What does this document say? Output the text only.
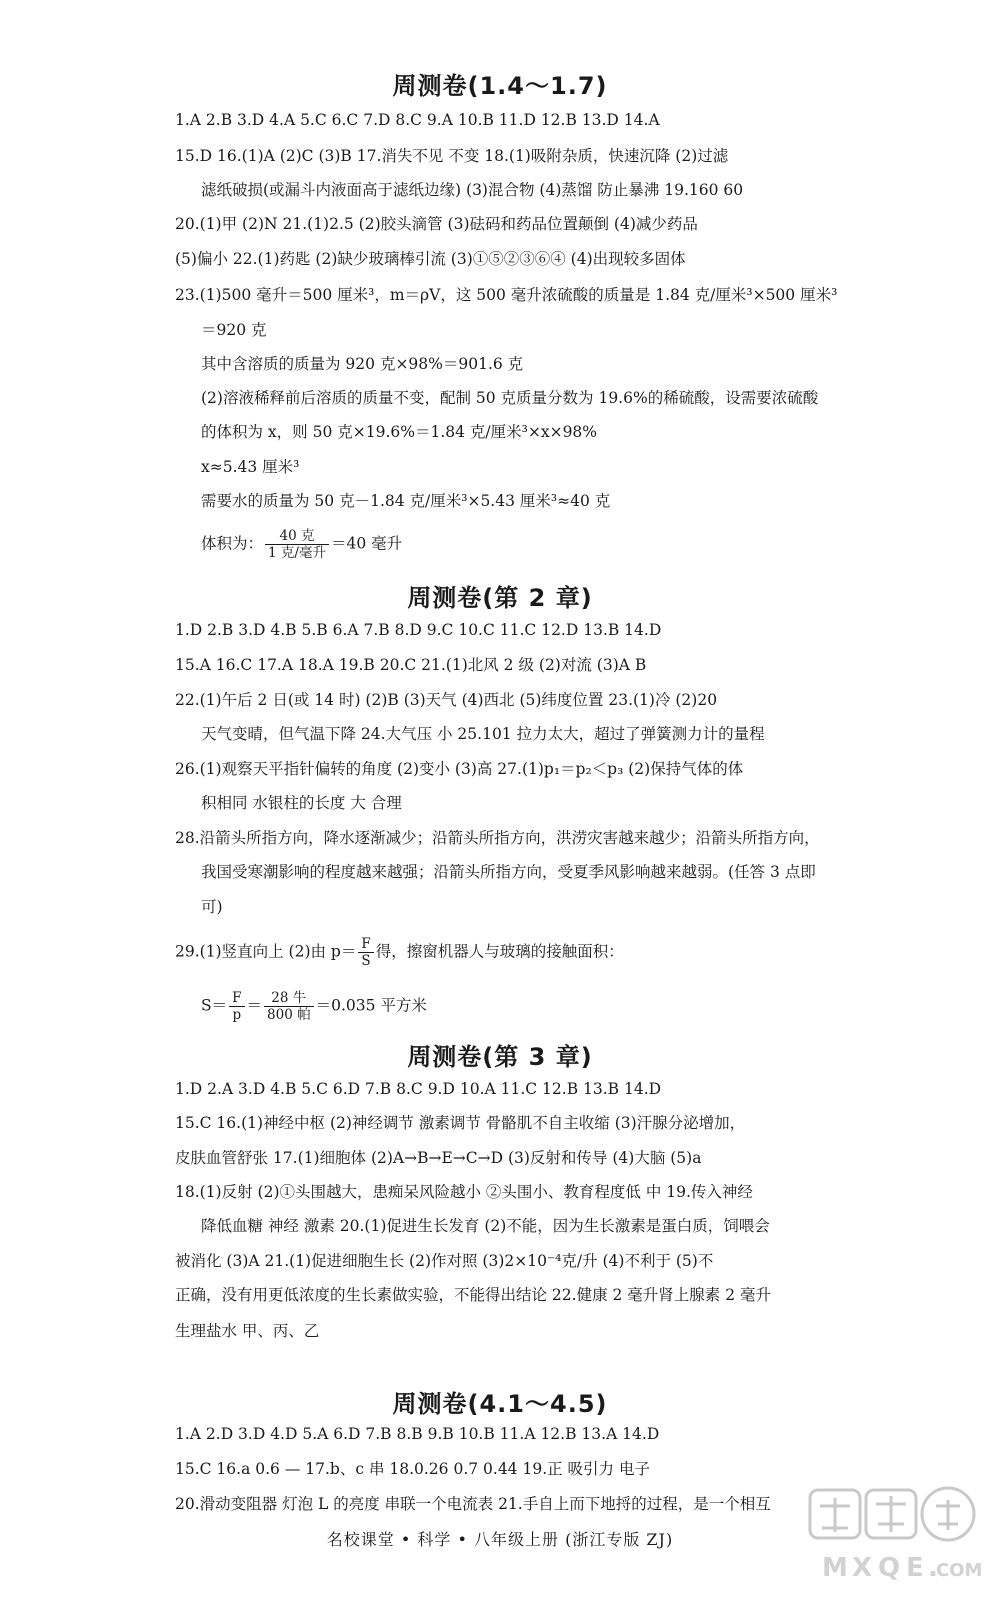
周测卷(1.4～1.7)
1.A 2.B 3.D 4.A 5.C 6.C 7.D 8.C 9.A 10.B 11.D 12.B 13.D 14.A
15.D 16.(1)A (2)C (3)B 17.消失不见 不变 18.(1)吸附杂质，快速沉降 (2)过滤
滤纸破损(或漏斗内液面高于滤纸边缘) (3)混合物 (4)蒸馏 防止暴沸 19.160 60
20.(1)甲 (2)N 21.(1)2.5 (2)胶头滴管 (3)砝码和药品位置颠倒 (4)减少药品
(5)偏小 22.(1)药匙 (2)缺少玻璃棒引流 (3)①⑤②③⑥④ (4)出现较多固体
23.(1)500 毫升＝500 厘米³，m＝ρV，这 500 毫升浓硫酸的质量是 1.84 克/厘米³×500 厘米³
＝920 克
其中含溶质的质量为 920 克×98%＝901.6 克
(2)溶液稀释前后溶质的质量不变，配制 50 克质量分数为 19.6%的稀硫酸，设需要浓硫酸
的体积为 x，则 50 克×19.6%＝1.84 克/厘米³×x×98%
x≈5.43 厘米³
需要水的质量为 50 克－1.84 克/厘米³×5.43 厘米³≈40 克
体积为： $\frac{\text{40 克}}{\text{1 克/毫升}} =40$ 毫升
周测卷(第 2 章)
1.D 2.B 3.D 4.B 5.B 6.A 7.B 8.D 9.C 10.C 11.C 12.D 13.B 14.D
15.A 16.C 17.A 18.A 19.B 20.C 21.(1)北风 2 级 (2)对流 (3)A B
22.(1)午后 2 日(或 14 时) (2)B (3)天气 (4)西北 (5)纬度位置 23.(1)冷 (2)20
天气变晴，但气温下降 24.大气压 小 25.101 拉力太大，超过了弹簧测力计的量程
26.(1)观察天平指针偏转的角度 (2)变小 (3)高 27.(1)p₁＝p₂＜p₃ (2)保持气体的体
积相同 水银柱的长度 大 合理
28.沿箭头所指方向，降水逐渐减少；沿箭头所指方向，洪涝灾害越来越少；沿箭头所指方向，
我国受寒潮影响的程度越来越强；沿箭头所指方向，受夏季风影响越来越弱。(任答 3 点即
可)
29.(1)竖直向上 (2)由 $p= \frac{F}{S}$ 得，擦窗机器人与玻璃的接触面积：
$S= \frac{F}{p} = \frac{\text{28 牛}}{\text{800 帕}} =0.035$ 平方米
周测卷(第 3 章)
1.D 2.A 3.D 4.B 5.C 6.D 7.B 8.C 9.D 10.A 11.C 12.B 13.B 14.D
15.C 16.(1)神经中枢 (2)神经调节 激素调节 骨骼肌不自主收缩 (3)汗腺分泌增加，
皮肤血管舒张 17.(1)细胞体 (2)A→B→E→C→D (3)反射和传导 (4)大脑 (5)a
18.(1)反射 (2)①头围越大，患痴呆风险越小 ②头围小、教育程度低 中 19.传入神经
降低血糖 神经 激素 20.(1)促进生长发育 (2)不能，因为生长激素是蛋白质，饲喂会
被消化 (3)A 21.(1)促进细胞生长 (2)作对照 (3)2×10⁻⁴克/升 (4)不利于 (5)不
正确，没有用更低浓度的生长素做实验，不能得出结论 22.健康 2 毫升肾上腺素 2 毫升
生理盐水 甲、丙、乙
周测卷(4.1～4.5)
1.A 2.D 3.D 4.D 5.A 6.D 7.B 8.B 9.B 10.B 11.A 12.B 13.A 14.D
15.C 16.a 0.6 — 17.b、c 串 18.0.26 0.7 0.44 19.正 吸引力 电子
20.滑动变阻器 灯泡 L 的亮度 串联一个电流表 21.手自上而下地捋的过程，是一个相互
名校课堂 • 科学 • 八年级上册 (浙江专版 ZJ)
M X Q E .
COM
